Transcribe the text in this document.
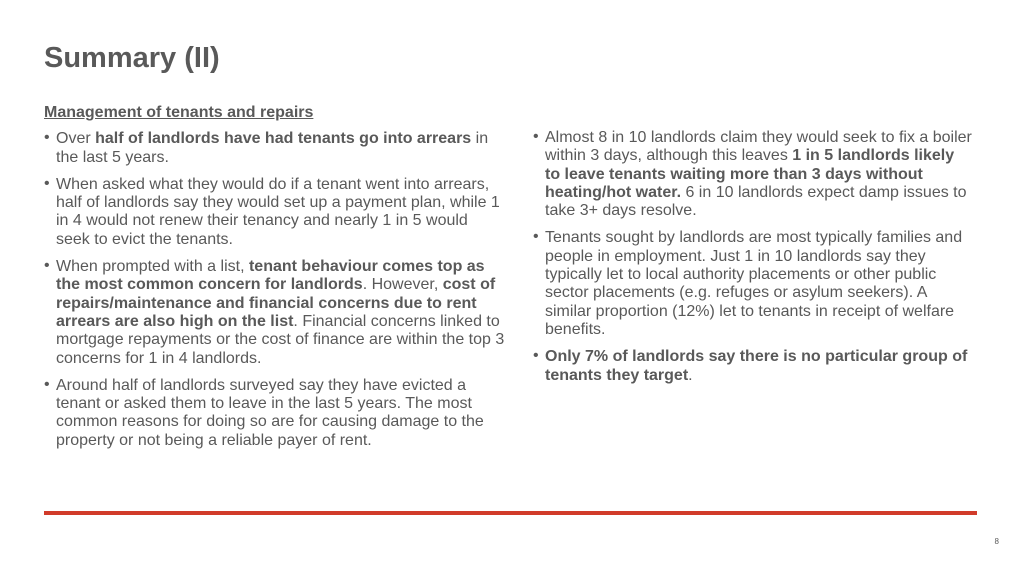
Summary (II)

Management of tenants and repairs

• Over half of landlords have had tenants go into arrears in the last 5 years.
• When asked what they would do if a tenant went into arrears, half of landlords say they would set up a payment plan, while 1 in 4 would not renew their tenancy and nearly 1 in 5 would seek to evict the tenants.
• When prompted with a list, tenant behaviour comes top as the most common concern for landlords. However, cost of repairs/maintenance and financial concerns due to rent arrears are also high on the list. Financial concerns linked to mortgage repayments or the cost of finance are within the top 3 concerns for 1 in 4 landlords.
• Around half of landlords surveyed say they have evicted a tenant or asked them to leave in the last 5 years. The most common reasons for doing so are for causing damage to the property or not being a reliable payer of rent.
• Almost 8 in 10 landlords claim they would seek to fix a boiler within 3 days, although this leaves 1 in 5 landlords likely to leave tenants waiting more than 3 days without heating/hot water. 6 in 10 landlords expect damp issues to take 3+ days resolve.
• Tenants sought by landlords are most typically families and people in employment. Just 1 in 10 landlords say they typically let to local authority placements or other public sector placements (e.g. refuges or asylum seekers). A similar proportion (12%) let to tenants in receipt of welfare benefits.
• Only 7% of landlords say there is no particular group of tenants they target.
8
